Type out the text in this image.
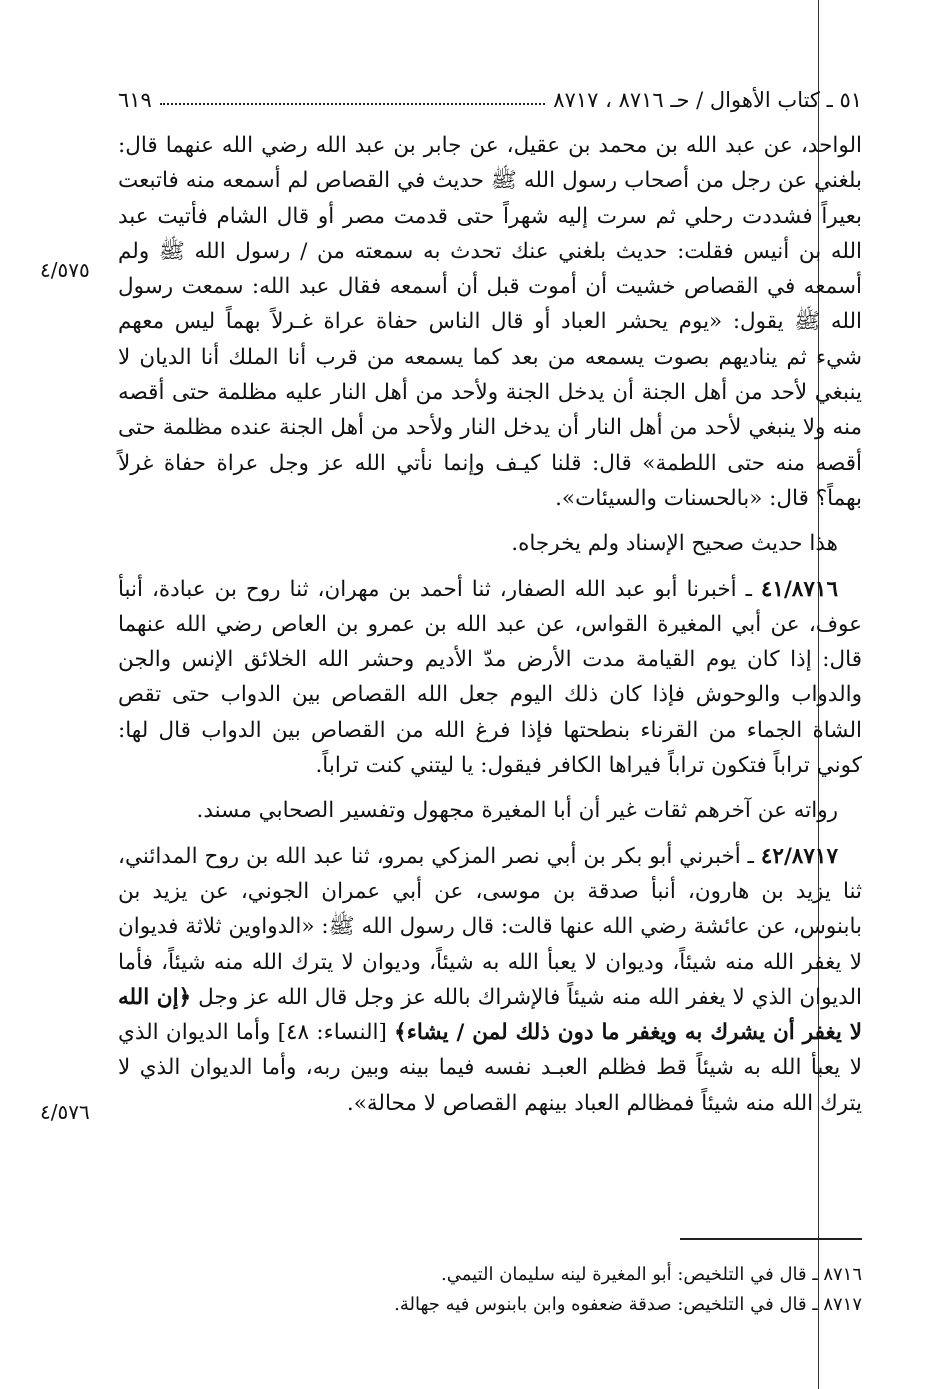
٥١ ـ كتاب الأهوال / حـ ٨٧١٦ ، ٨٧١٧
٦١٩
٤/٥٧٥
٤/٥٧٦

الواحد، عن عبد الله بن محمد بن عقيل، عن جابر بن عبد الله رضي الله عنهما قال: بلغني عن رجل من أصحاب رسول الله ﷺ حديث في القصاص لم أسمعه منه فاتبعت بعيراً فشددت رحلي ثم سرت إليه شهراً حتى قدمت مصر أو قال الشام فأتيت عبد الله بن أنيس فقلت: حديث بلغني عنك تحدث به سمعته من / رسول الله ﷺ ولم أسمعه في القصاص خشيت أن أموت قبل أن أسمعه فقال عبد الله: سمعت رسول الله ﷺ يقول: «يوم يحشر العباد أو قال الناس حفاة عراة غـرلاً بهماً ليس معهم شيء ثم يناديهم بصوت يسمعه من بعد كما يسمعه من قرب أنا الملك أنا الديان لا ينبغي لأحد من أهل الجنة أن يدخل الجنة ولأحد من أهل النار عليه مظلمة حتى أقصه منه ولا ينبغي لأحد من أهل النار أن يدخل النار ولأحد من أهل الجنة عنده مظلمة حتى أقصه منه حتى اللطمة» قال: قلنا كيـف وإنما نأتي الله عز وجل عراة حفاة غرلاً بهماً؟ قال: «بالحسنات والسيئات».

هذا حديث صحيح الإسناد ولم يخرجاه.

٤١/٨٧١٦ ـ أخبرنا أبو عبد الله الصفار، ثنا أحمد بن مهران، ثنا روح بن عبادة، أنبأ عوف، عن أبي المغيرة القواس، عن عبد الله بن عمرو بن العاص رضي الله عنهما قال: إذا كان يوم القيامة مدت الأرض مدّ الأديم وحشر الله الخلائق الإنس والجن والدواب والوحوش فإذا كان ذلك اليوم جعل الله القصاص بين الدواب حتى تقص الشاة الجماء من القرناء بنطحتها فإذا فرغ الله من القصاص بين الدواب قال لها: كوني تراباً فتكون تراباً فيراها الكافر فيقول: يا ليتني كنت تراباً.

رواته عن آخرهم ثقات غير أن أبا المغيرة مجهول وتفسير الصحابي مسند.

٤٢/٨٧١٧ ـ أخبرني أبو بكر بن أبي نصر المزكي بمرو، ثنا عبد الله بن روح المدائني، ثنا يزيد بن هارون، أنبأ صدقة بن موسى، عن أبي عمران الجوني، عن يزيد بن بابنوس، عن عائشة رضي الله عنها قالت: قال رسول الله ﷺ: «الدواوين ثلاثة فديوان لا يغفر الله منه شيئاً، وديوان لا يعبأ الله به شيئاً، وديوان لا يترك الله منه شيئاً، فأما الديوان الذي لا يغفر الله منه شيئاً فالإشراك بالله عز وجل قال الله عز وجل ﴿إن الله لا يغفر أن يشرك به ويغفر ما دون ذلك لمن / يشاء﴾ [النساء: ٤٨] وأما الديوان الذي لا يعبأ الله به شيئاً قط فظلم العبـد نفسه فيما بينه وبين ربه، وأما الديوان الذي لا يترك الله منه شيئاً فمظالم العباد بينهم القصاص لا محالة».

٨٧١٦ ـ قال في التلخيص: أبو المغيرة لينه سليمان التيمي.

٨٧١٧ ـ قال في التلخيص: صدقة ضعفوه وابن بابنوس فيه جهالة.
